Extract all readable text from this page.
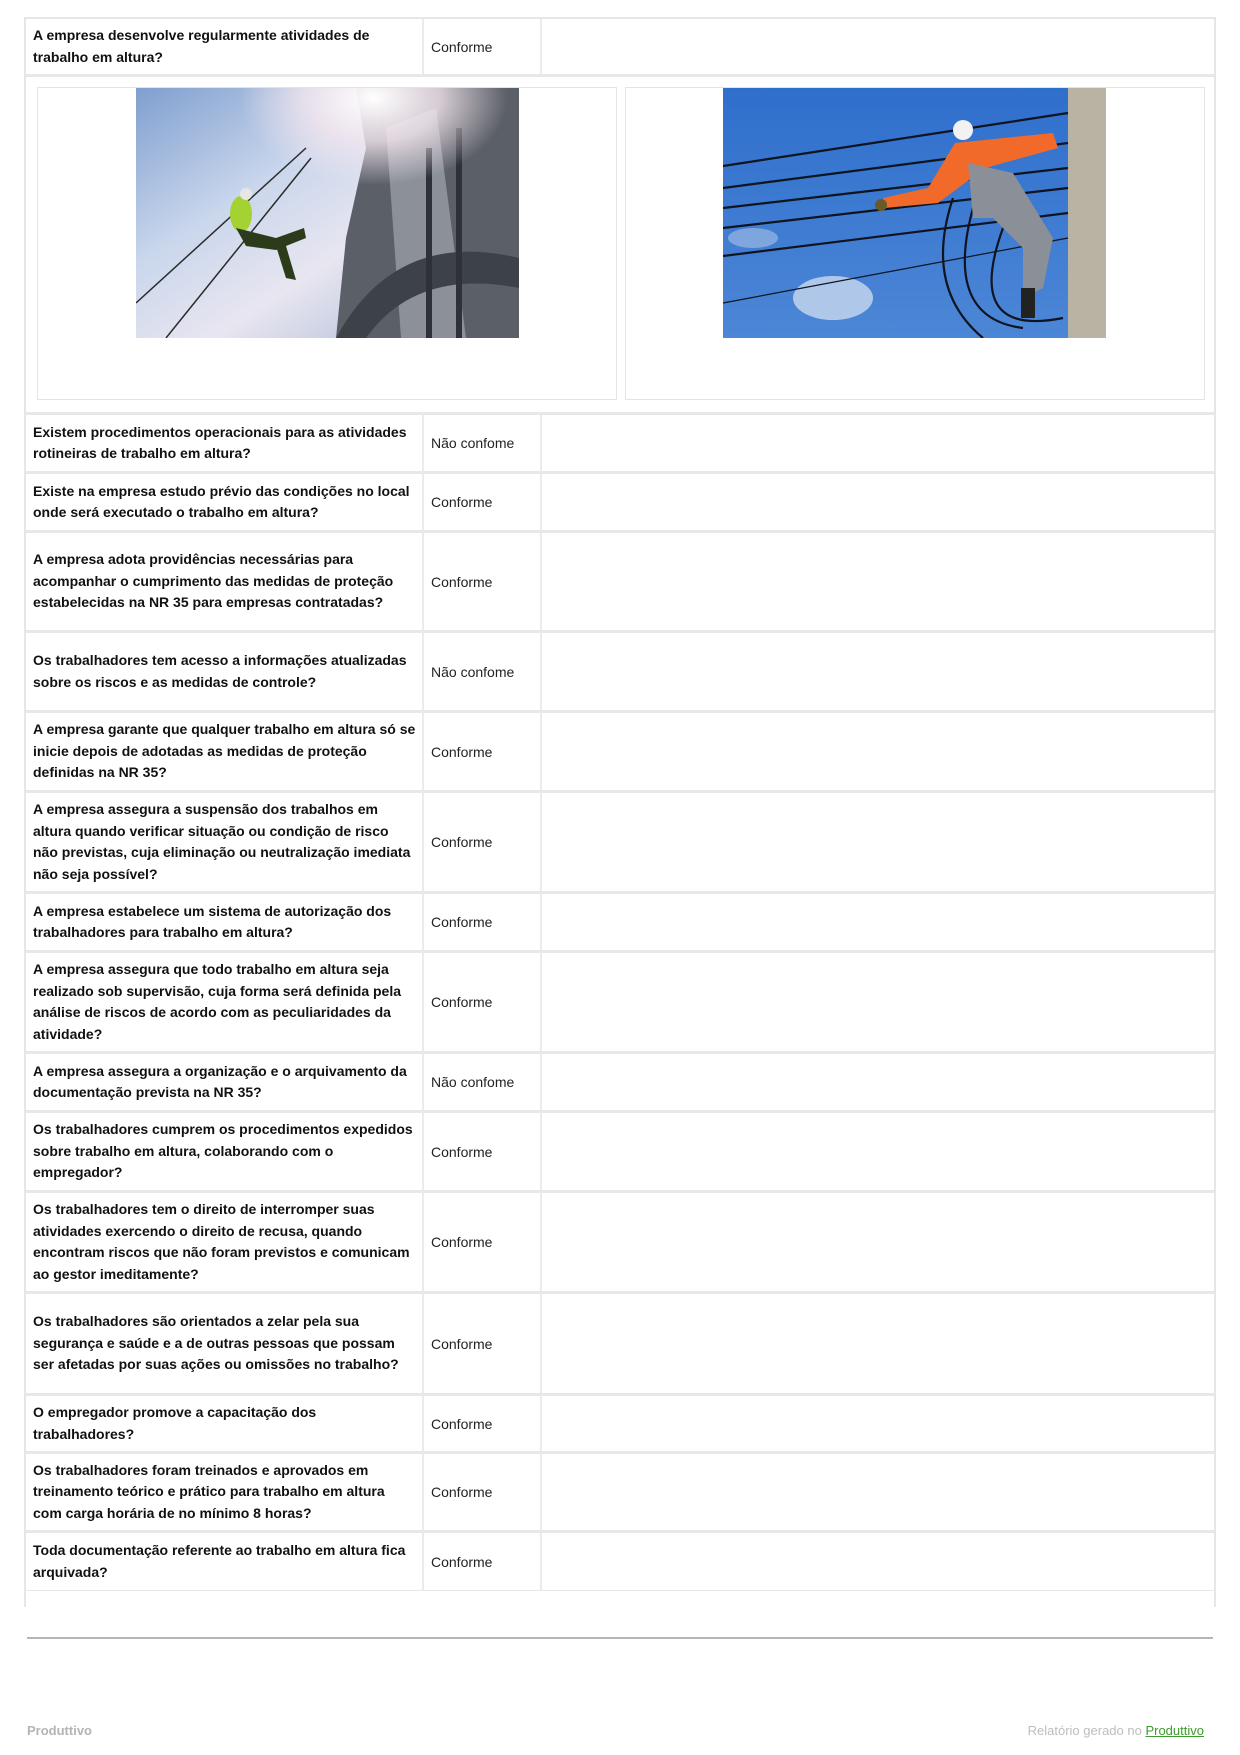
A empresa desenvolve regularmente atividades de trabalho em altura?
Conforme
Existem procedimentos operacionais para as atividades rotineiras de trabalho em altura?
Não confome
Existe na empresa estudo prévio das condições no local onde será executado o trabalho em altura?
Conforme
A empresa adota providências necessárias para acompanhar o cumprimento das medidas de proteção estabelecidas na NR 35 para empresas contratadas?
Conforme
Os trabalhadores tem acesso a informações atualizadas sobre os riscos e as medidas de controle?
Não confome
A empresa garante que qualquer trabalho em altura só se inicie depois de adotadas as medidas de proteção definidas na NR 35?
Conforme
A empresa assegura a suspensão dos trabalhos em altura quando verificar situação ou condição de risco não previstas, cuja eliminação ou neutralização imediata não seja possível?
Conforme
A empresa estabelece um sistema de autorização dos trabalhadores para trabalho em altura?
Conforme
A empresa assegura que todo trabalho em altura seja realizado sob supervisão, cuja forma será definida pela análise de riscos de acordo com as peculiaridades da atividade?
Conforme
A empresa assegura a organização e o arquivamento da documentação prevista na NR 35?
Não confome
Os trabalhadores cumprem os procedimentos expedidos sobre trabalho em altura, colaborando com o empregador?
Conforme
Os trabalhadores tem o direito de interromper suas atividades exercendo o direito de recusa, quando encontram riscos que não foram previstos e comunicam ao gestor imeditamente?
Conforme
Os trabalhadores são orientados a zelar pela sua segurança e saúde e a de outras pessoas que possam ser afetadas por suas ações ou omissões no trabalho?
Conforme
O empregador promove a capacitação dos trabalhadores?
Conforme
Os trabalhadores foram treinados e aprovados em treinamento teórico e prático para trabalho em altura com carga horária de no mínimo 8 horas?
Conforme
Toda documentação referente ao trabalho em altura fica arquivada?
Conforme
Produttivo	Relatório gerado no Produttivo
